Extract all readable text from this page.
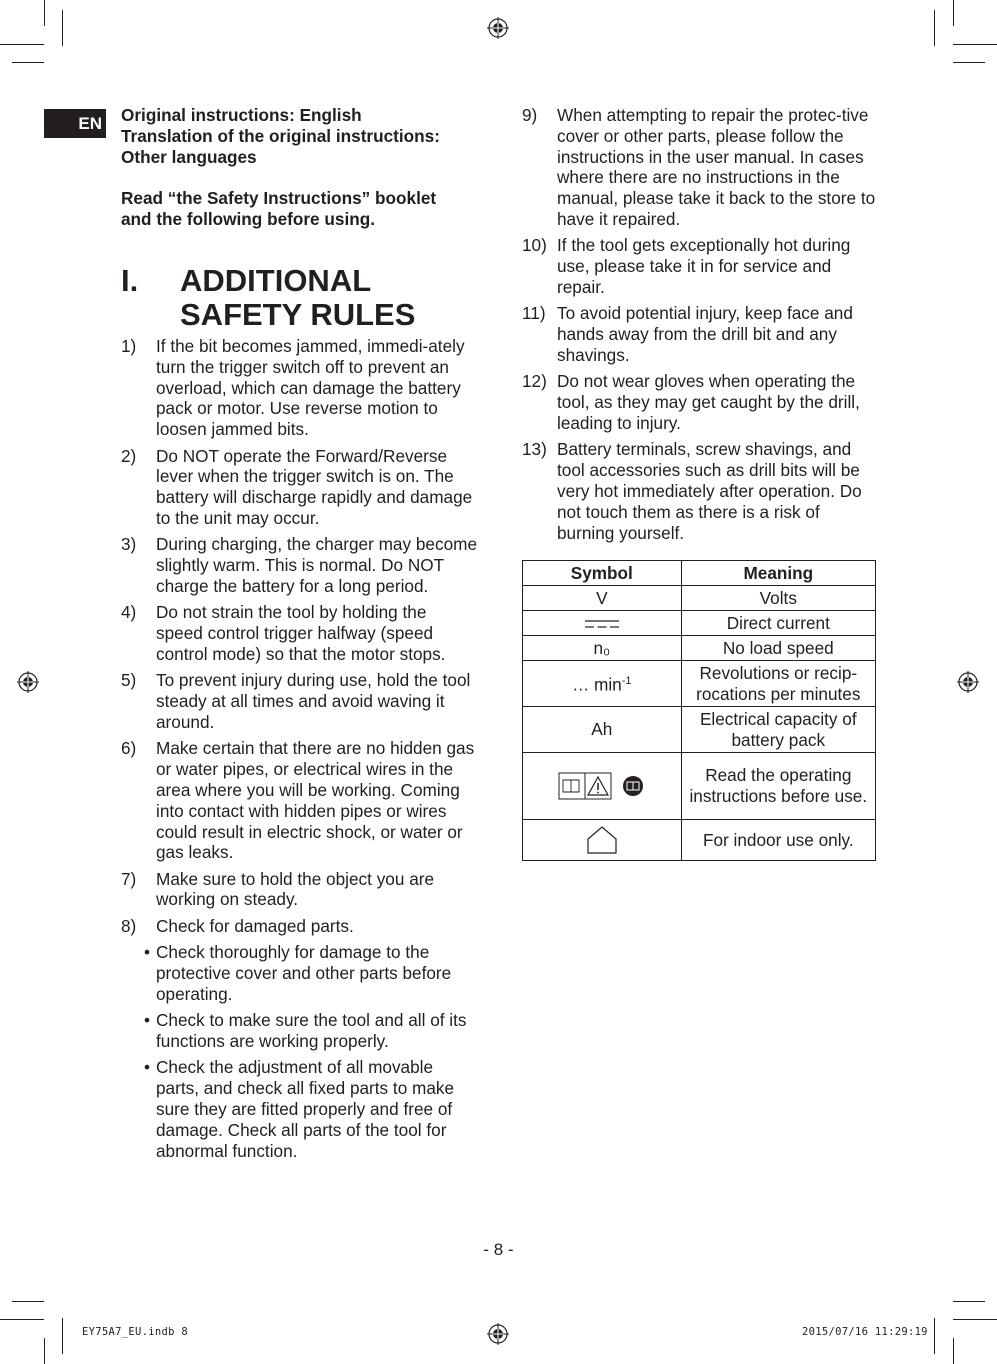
EN Original instructions: English

Translation of the original instructions:

Other languages

Read “the Safety Instructions” booklet

and the following before using.

I. ADDITIONAL
SAFETY RULES
1) If the bit becomes jammed, immedi-ately turn the trigger switch off to prevent an overload, which can damage the battery pack or motor. Use reverse motion to loosen jammed bits.
2) Do NOT operate the Forward/Reverse lever when the trigger switch is on. The battery will discharge rapidly and damage to the unit may occur.
3) During charging, the charger may become slightly warm. This is normal. Do NOT charge the battery for a long period.
4) Do not strain the tool by holding the speed control trigger halfway (speed control mode) so that the motor stops.
5) To prevent injury during use, hold the tool steady at all times and avoid waving it around.
6) Make certain that there are no hidden gas or water pipes, or electrical wires in the area where you will be working. Coming into contact with hidden pipes or wires could result in electric shock, or water or gas leaks.
7) Make sure to hold the object you are working on steady.
8) Check for damaged parts.
• Check thoroughly for damage to the protective cover and other parts before operating.
• Check to make sure the tool and all of its functions are working properly.
• Check the adjustment of all movable parts, and check all fixed parts to make sure they are fitted properly and free of damage. Check all parts of the tool for abnormal function.
9) When attempting to repair the protec-tive cover or other parts, please follow the instructions in the user manual. In cases where there are no instructions in the manual, please take it back to the store to have it repaired.
10) If the tool gets exceptionally hot during use, please take it in for service and repair.
11) To avoid potential injury, keep face and hands away from the drill bit and any shavings.
12) Do not wear gloves when operating the tool, as they may get caught by the drill, leading to injury.
13) Battery terminals, screw shavings, and tool accessories such as drill bits will be very hot immediately after operation. Do not touch them as there is a risk of burning yourself.
Symbol	Meaning
V	Volts
	Direct current
n₀	No load speed
… $\min^{-1}$	Revolutions or recip-rocations per minutes
Ah	Electrical capacity of battery pack
	Read the operating instructions before use.
	For indoor use only.
- 8 -
EY75A7_EU.indb 8	2015/07/16 11:29:19
